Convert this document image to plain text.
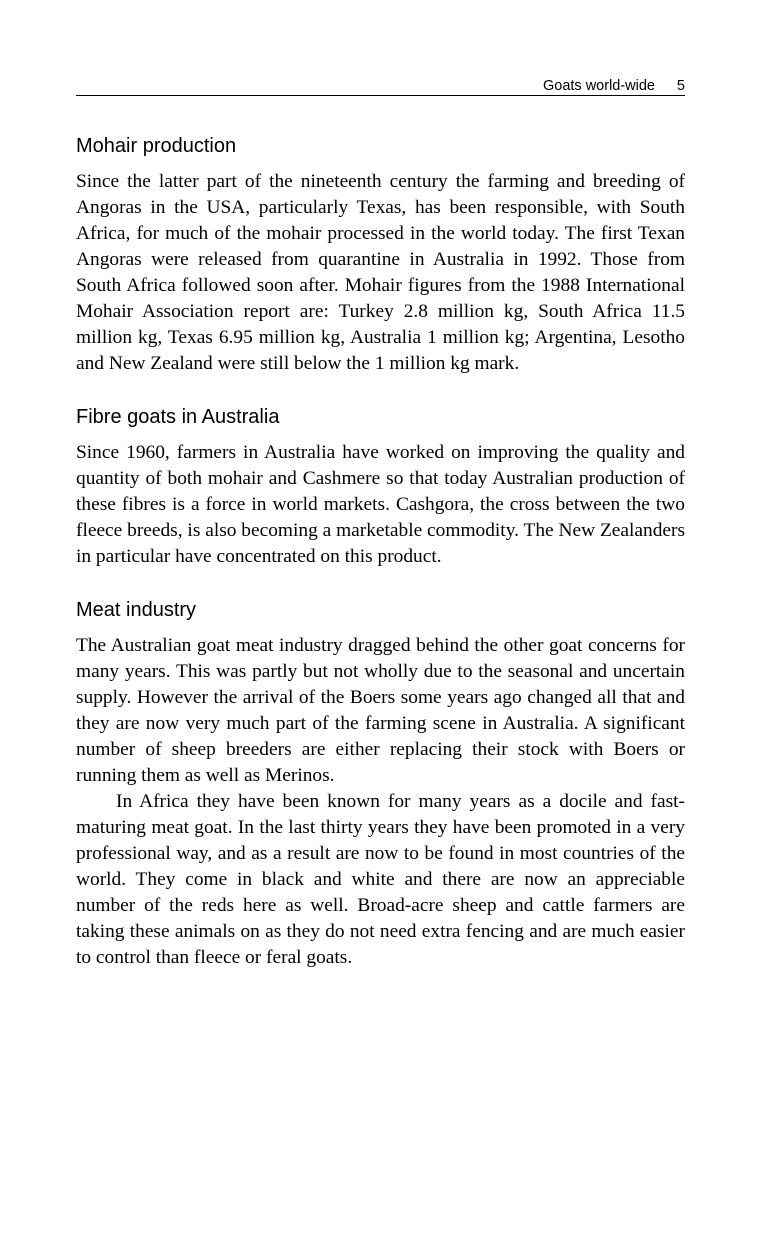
Goats world-wide 5
Mohair production

Since the latter part of the nineteenth century the farming and breeding of Angoras in the USA, particularly Texas, has been responsible, with South Africa, for much of the mohair processed in the world today. The first Texan Angoras were released from quarantine in Australia in 1992. Those from South Africa followed soon after. Mohair figures from the 1988 International Mohair Association report are: Turkey 2.8 million kg, South Africa 11.5 million kg, Texas 6.95 million kg, Australia 1 million kg; Argentina, Lesotho and New Zealand were still below the 1 million kg mark.

Fibre goats in Australia

Since 1960, farmers in Australia have worked on improving the quality and quantity of both mohair and Cashmere so that today Australian production of these fibres is a force in world markets. Cashgora, the cross between the two fleece breeds, is also becoming a marketable commodity. The New Zealanders in particular have concentrated on this product.

Meat industry

The Australian goat meat industry dragged behind the other goat concerns for many years. This was partly but not wholly due to the seasonal and uncertain supply. However the arrival of the Boers some years ago changed all that and they are now very much part of the farming scene in Australia. A significant number of sheep breeders are either replacing their stock with Boers or running them as well as Merinos.

In Africa they have been known for many years as a docile and fast-maturing meat goat. In the last thirty years they have been promoted in a very professional way, and as a result are now to be found in most countries of the world. They come in black and white and there are now an appreciable number of the reds here as well. Broad-acre sheep and cattle farmers are taking these animals on as they do not need extra fencing and are much easier to control than fleece or feral goats.
